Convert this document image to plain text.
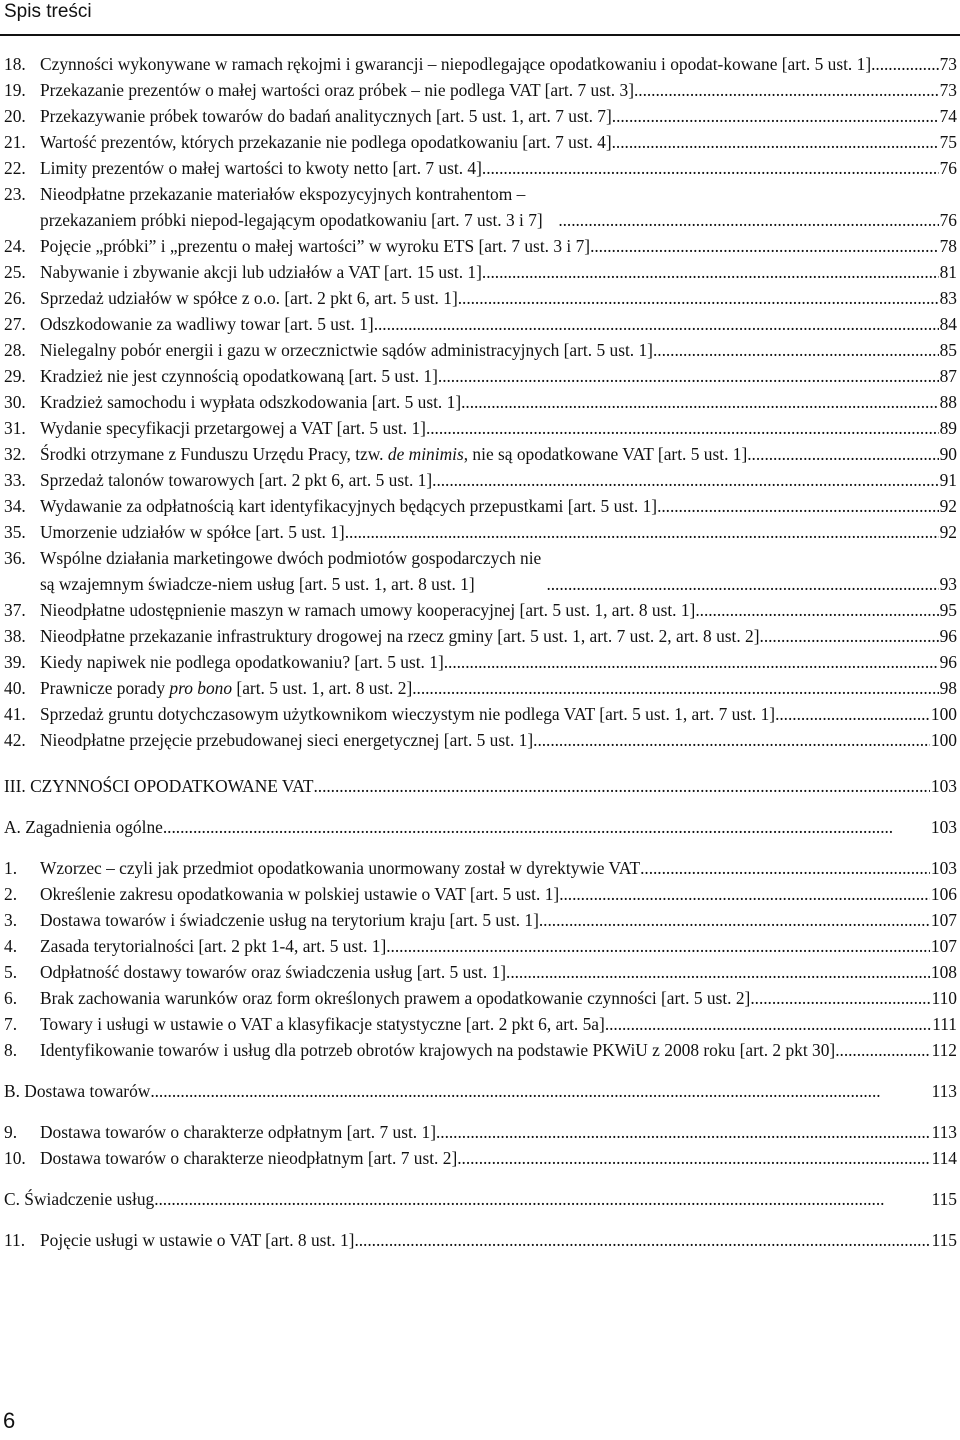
Spis treści
18. Czynności wykonywane w ramach rękojmi i gwarancji – niepodlegające opodatkowaniu i opodat-kowane [art. 5 ust. 1] . . .	73
19. Przekazanie prezentów o małej wartości oraz próbek – nie podlega VAT [art. 7 ust. 3] . . .	73
20. Przekazywanie próbek towarów do badań analitycznych [art. 5 ust. 1, art. 7 ust. 7] . . .	74
21. Wartość prezentów, których przekazanie nie podlega opodatkowaniu [art. 7 ust. 4] . . .	75
22. Limity prezentów o małej wartości to kwoty netto [art. 7 ust. 4] . . .	76
23. Nieodpłatne przekazanie materiałów ekspozycyjnych kontrahentom – przekazaniem próbki niepod-legającym opodatkowaniu [art. 7 ust. 3 i 7] . . .	76
24. Pojęcie „próbki” i „prezentu o małej wartości” w wyroku ETS [art. 7 ust. 3 i 7] . . .	78
25. Nabywanie i zbywanie akcji lub udziałów a VAT [art. 15 ust. 1] . . .	81
26. Sprzedaż udziałów w spółce z o.o. [art. 2 pkt 6, art. 5 ust. 1] . . .	83
27. Odszkodowanie za wadliwy towar [art. 5 ust. 1] . . .	84
28. Nielegalny pobór energii i gazu w orzecznictwie sądów administracyjnych [art. 5 ust. 1] . . .	85
29. Kradzież nie jest czynnością opodatkowaną [art. 5 ust. 1] . . .	87
30. Kradzież samochodu i wypłata odszkodowania [art. 5 ust. 1] . . .	88
31. Wydanie specyfikacji przetargowej a VAT [art. 5 ust. 1] . . .	89
32. Środki otrzymane z Funduszu Urzędu Pracy, tzw. de minimis, nie są opodatkowane VAT [art. 5 ust. 1] . . .	90
33. Sprzedaż talonów towarowych [art. 2 pkt 6, art. 5 ust. 1] . . .	91
34. Wydawanie za odpłatnością kart identyfikacyjnych będących przepustkami [art. 5 ust. 1] . . .	92
35. Umorzenie udziałów w spółce [art. 5 ust. 1] . . .	92
36. Wspólne działania marketingowe dwóch podmiotów gospodarczych nie są wzajemnym świadcze-niem usług [art. 5 ust. 1, art. 8 ust. 1] . . .	93
37. Nieodpłatne udostępnienie maszyn w ramach umowy kooperacyjnej [art. 5 ust. 1, art. 8 ust. 1] . . .	95
38. Nieodpłatne przekazanie infrastruktury drogowej na rzecz gminy [art. 5 ust. 1, art. 7 ust. 2, art. 8 ust. 2] . . .	96
39. Kiedy napiwek nie podlega opodatkowaniu? [art. 5 ust. 1] . . .	96
40. Prawnicze porady pro bono [art. 5 ust. 1, art. 8 ust. 2] . . .	98
41. Sprzedaż gruntu dotychczasowym użytkownikom wieczystym nie podlega VAT [art. 5 ust. 1, art. 7 ust. 1] . . .	100
42. Nieodpłatne przejęcie przebudowanej sieci energetycznej [art. 5 ust. 1] . . .	100
III. CZYNNOŚCI OPODATKOWANE VAT . . .	103
A. Zagadnienia ogólne . . .	103
1.	Wzorzec – czyli jak przedmiot opodatkowania unormowany został w dyrektywie VAT . . .	103
2.	Określenie zakresu opodatkowania w polskiej ustawie o VAT [art. 5 ust. 1] . . .	106
3.	Dostawa towarów i świadczenie usług na terytorium kraju [art. 5 ust. 1] . . .	107
4.	Zasada terytorialności [art. 2 pkt 1-4, art. 5 ust. 1] . . .	107
5.	Odpłatność dostawy towarów oraz świadczenia usług [art. 5 ust. 1] . . .	108
6.	Brak zachowania warunków oraz form określonych prawem a opodatkowanie czynności [art. 5 ust. 2] . . .	110
7.	Towary i usługi w ustawie o VAT a klasyfikacje statystyczne [art. 2 pkt 6, art. 5a] . . .	111
8.	Identyfikowanie towarów i usług dla potrzeb obrotów krajowych na podstawie PKWiU z 2008 roku [art. 2 pkt 30] . . .	112
B. Dostawa towarów . . .	113
9.	Dostawa towarów o charakterze odpłatnym [art. 7 ust. 1] . . .	113
10. Dostawa towarów o charakterze nieodpłatnym [art. 7 ust. 2] . . .	114
C. Świadczenie usług . . .	115
11. Pojęcie usługi w ustawie o VAT [art. 8 ust. 1] . . .	115
6
